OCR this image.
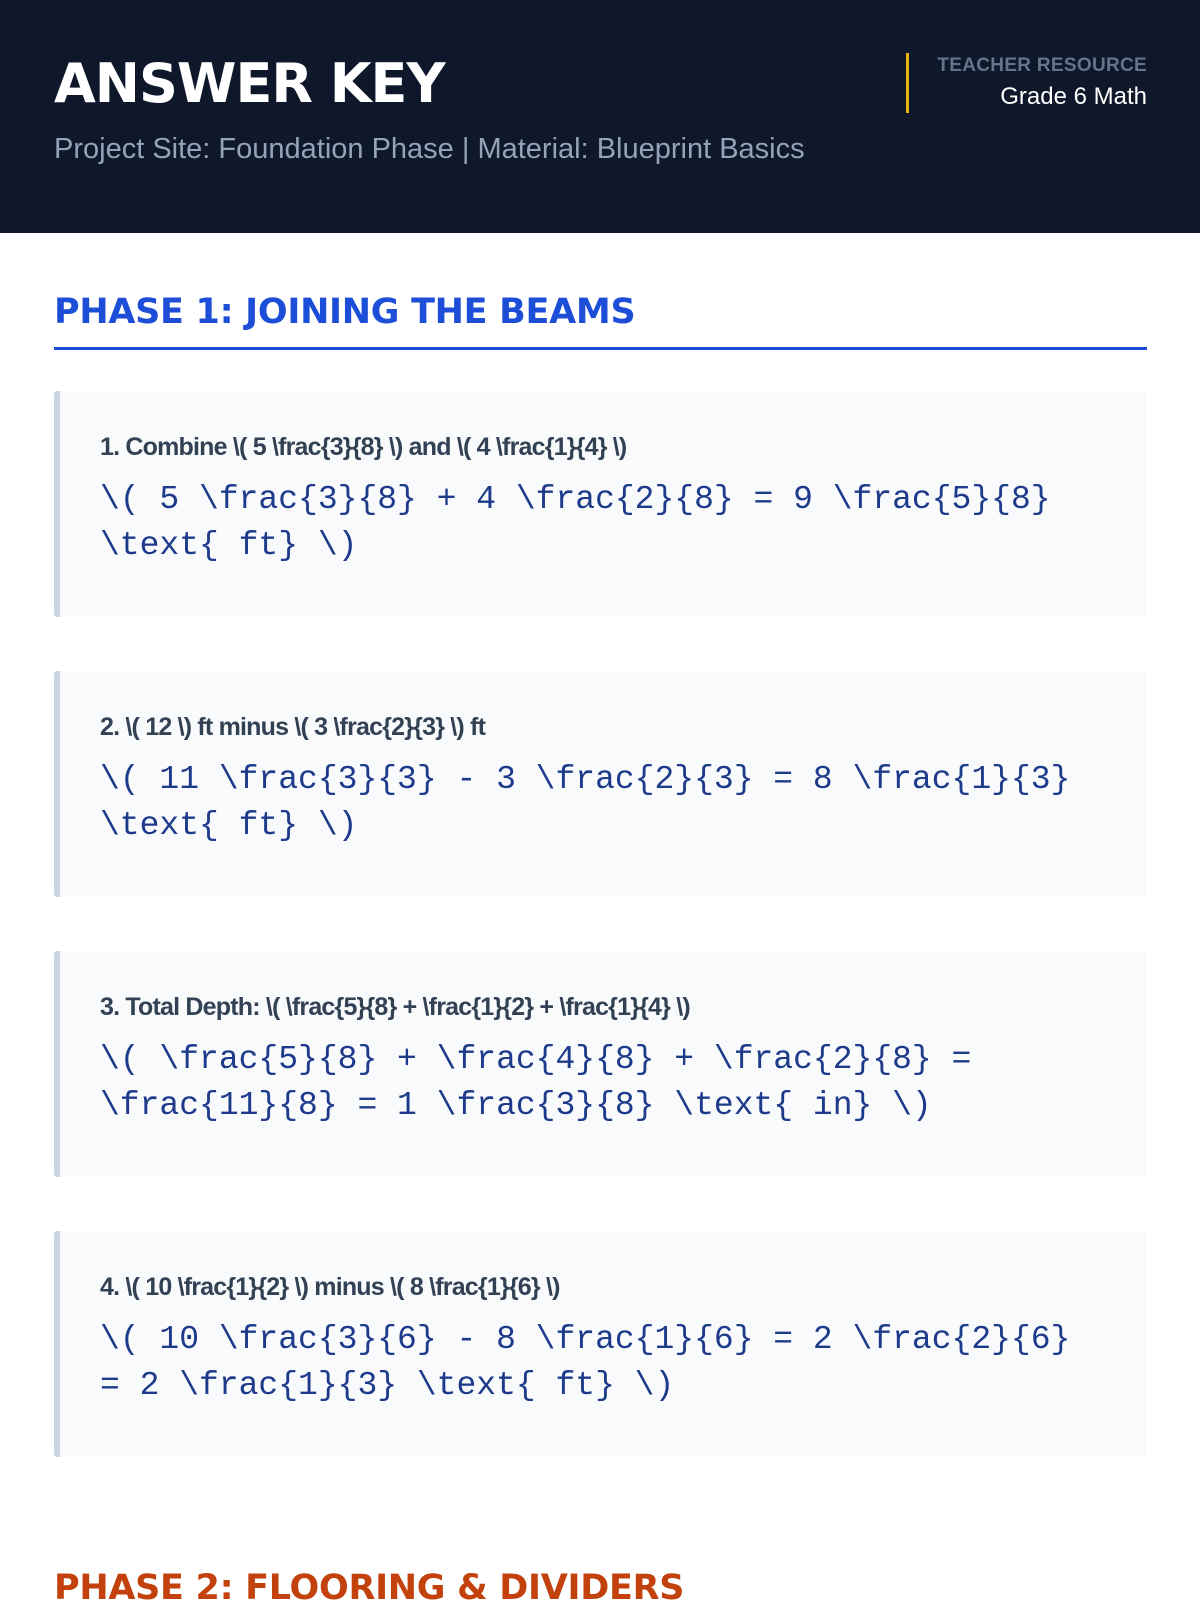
ANSWER KEY
Project Site: Foundation Phase | Material: Blueprint Basics
TEACHER RESOURCE
Grade 6 Math
PHASE 1: JOINING THE BEAMS
1. Combine \( 5 \frac{3}{8} \) and \( 4 \frac{1}{4} \)
\( 5 \frac{3}{8} + 4 \frac{2}{8} = 9 \frac{5}{8} \text{ ft} \)
2. \( 12 \) ft minus \( 3 \frac{2}{3} \) ft
\( 11 \frac{3}{3} - 3 \frac{2}{3} = 8 \frac{1}{3} \text{ ft} \)
3. Total Depth: \( \frac{5}{8} + \frac{1}{2} + \frac{1}{4} \)
\( \frac{5}{8} + \frac{4}{8} + \frac{2}{8} = \frac{11}{8} = 1 \frac{3}{8} \text{ in} \)
4. \( 10 \frac{1}{2} \) minus \( 8 \frac{1}{6} \)
\( 10 \frac{3}{6} - 8 \frac{1}{6} = 2 \frac{2}{6} = 2 \frac{1}{3} \text{ ft} \)
PHASE 2: FLOORING & DIVIDERS
